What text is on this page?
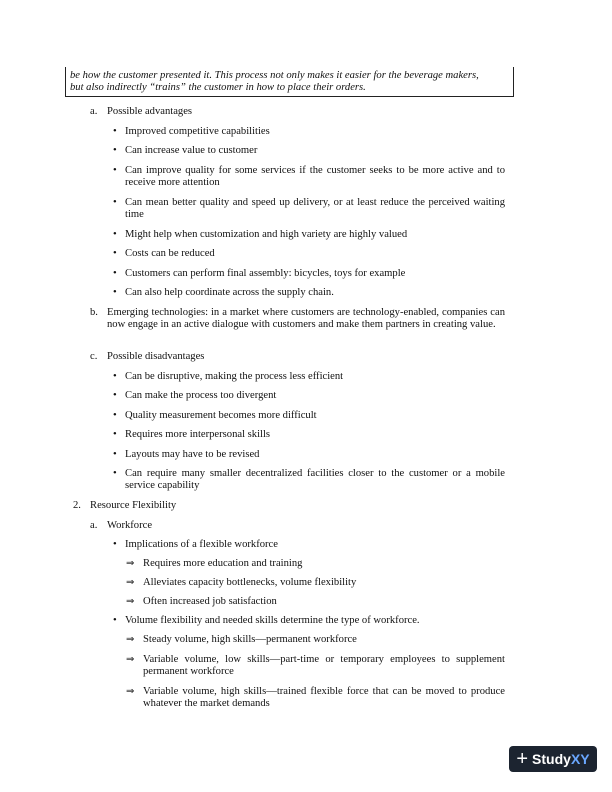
be how the customer presented it. This process not only makes it easier for the beverage makers,
but also indirectly “trains” the customer in how to place their orders.
a. Possible advantages
• Improved competitive capabilities
• Can increase value to customer
• Can improve quality for some services if the customer seeks to be more active and to receive more attention
• Can mean better quality and speed up delivery, or at least reduce the perceived waiting time
• Might help when customization and high variety are highly valued
• Costs can be reduced
• Customers can perform final assembly: bicycles, toys for example
• Can also help coordinate across the supply chain.
b. Emerging technologies: in a market where customers are technology-enabled, companies can now engage in an active dialogue with customers and make them partners in creating value.
c. Possible disadvantages
• Can be disruptive, making the process less efficient
• Can make the process too divergent
• Quality measurement becomes more difficult
• Requires more interpersonal skills
• Layouts may have to be revised
• Can require many smaller decentralized facilities closer to the customer or a mobile service capability
2. Resource Flexibility
a. Workforce
• Implications of a flexible workforce
⇒ Requires more education and training
⇒ Alleviates capacity bottlenecks, volume flexibility
⇒ Often increased job satisfaction
• Volume flexibility and needed skills determine the type of workforce.
⇒ Steady volume, high skills—permanent workforce
⇒ Variable volume, low skills—part-time or temporary employees to supplement permanent workforce
⇒ Variable volume, high skills—trained flexible force that can be moved to produce whatever the market demands
+ Study XY
